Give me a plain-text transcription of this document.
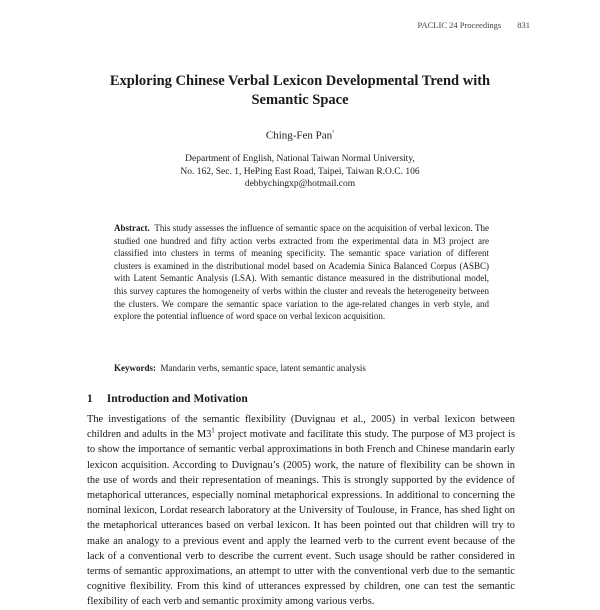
PACLIC 24 Proceedings 831
Exploring Chinese Verbal Lexicon Developmental Trend with
Semantic Space
Ching-Fen Pan$^{^1}$
Department of English, National Taiwan Normal University,
No. 162, Sec. 1, HePing East Road, Taipei, Taiwan R.O.C. 106
debbychingxp@hotmail.com

Abstract. This study assesses the influence of semantic space on the acquisition of verbal lexicon. The studied one hundred and fifty action verbs extracted from the experimental data in M3 project are classified into clusters in terms of meaning specificity. The semantic space variation of different clusters is examined in the distributional model based on Academia Sinica Balanced Corpus (ASBC) with Latent Semantic Analysis (LSA). With semantic distance measured in the distributional model, this survey captures the homogeneity of verbs within the cluster and reveals the heterogeneity between the clusters. We compare the semantic space variation to the age-related changes in verb style, and explore the potential influence of word space on verbal lexicon acquisition.

Keywords: Mandarin verbs, semantic space, latent semantic analysis
1 Introduction and Motivation

The investigations of the semantic flexibility (Duvignau et al., 2005) in verbal lexicon between children and adults in the $M3^1$ project motivate and facilitate this study. The purpose of M3 project is to show the importance of semantic verbal approximations in both French and Chinese mandarin early lexicon acquisition. According to Duvignau’s (2005) work, the nature of flexibility can be shown in the use of words and their representation of meanings. This is strongly supported by the evidence of metaphorical utterances, especially nominal metaphorical expressions. In additional to concerning the nominal lexicon, Lordat research laboratory at the University of Toulouse, in France, has shed light on the metaphorical utterances based on verbal lexicon. It has been pointed out that children will try to make an analogy to a previous event and apply the learned verb to the current event because of the lack of a conventional verb to describe the current event. Such usage should be rather considered in terms of semantic approximations, an attempt to utter with the conventional verb due to the semantic cognitive flexibility. From this kind of utterances expressed by children, one can test the semantic flexibility of each verb and semantic proximity among various verbs.
